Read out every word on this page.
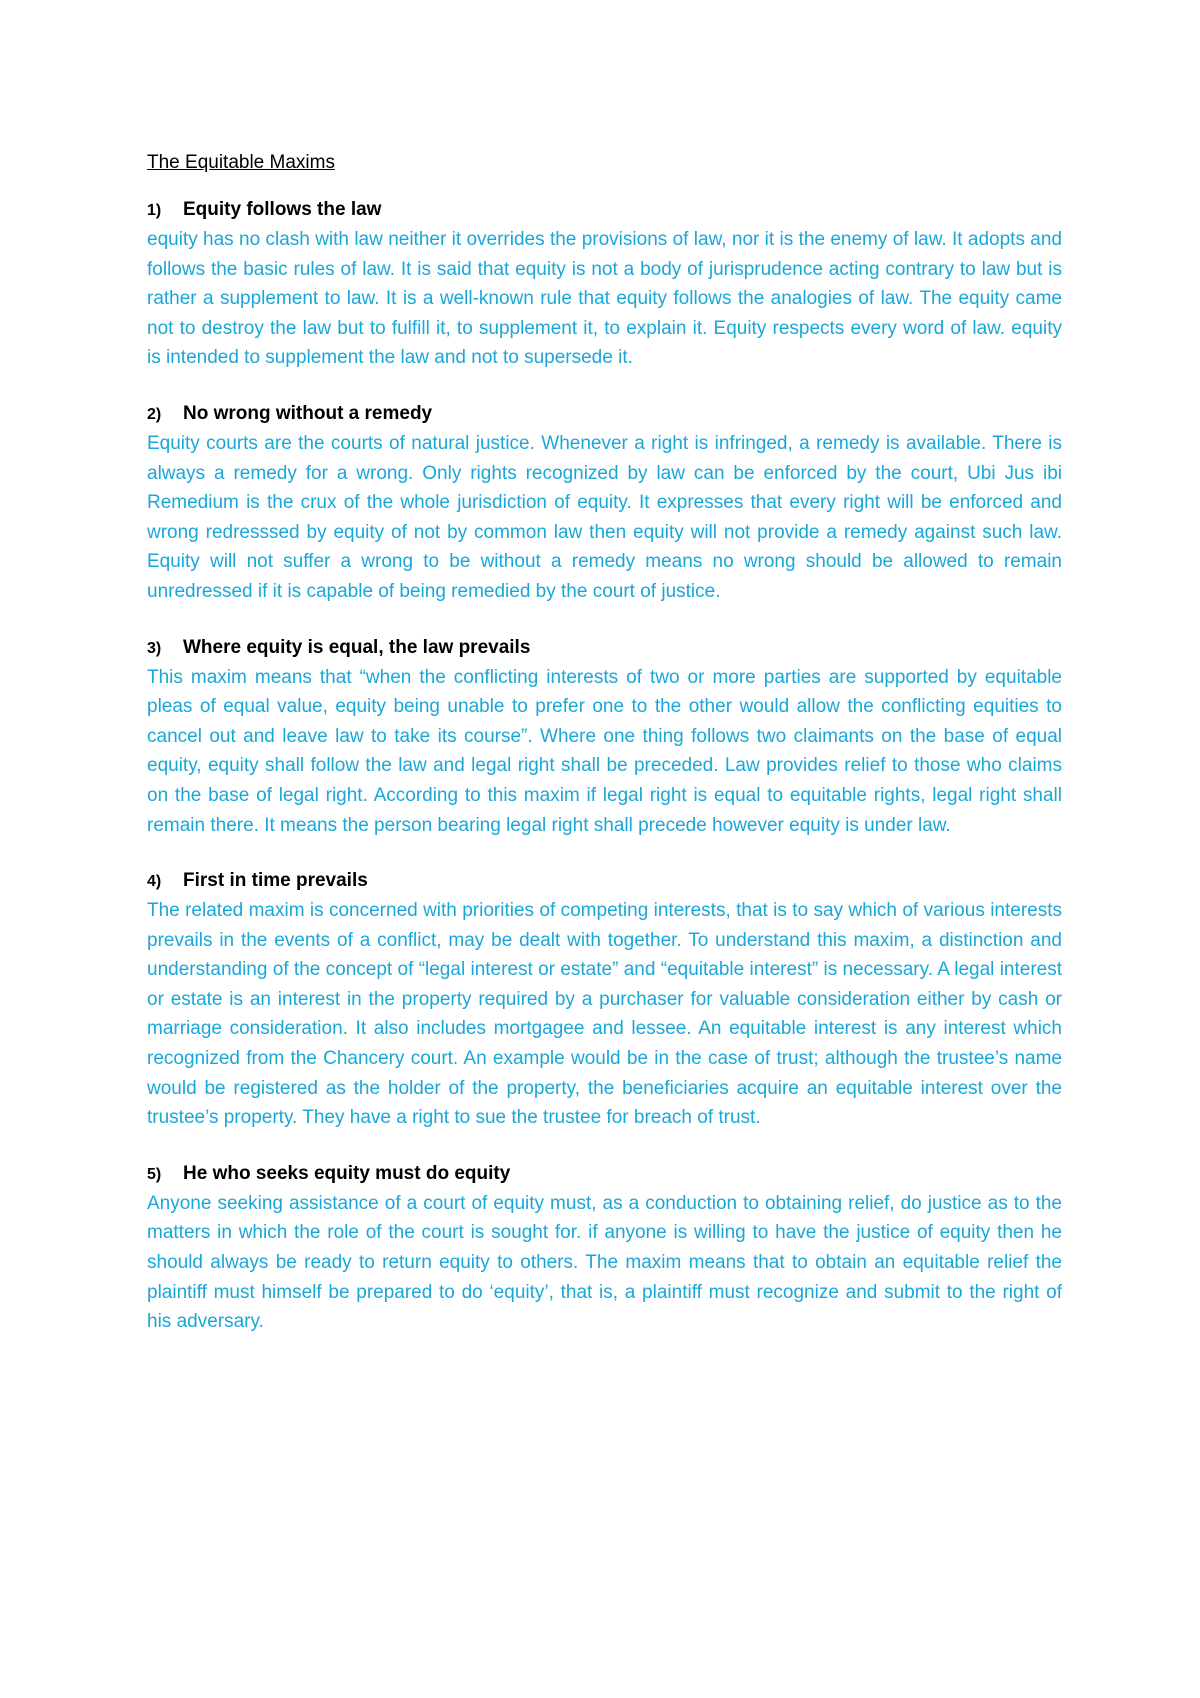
The Equitable Maxims
1)	Equity follows the law

equity has no clash with law neither it overrides the provisions of law, nor it is the enemy of law. It adopts and follows the basic rules of law. It is said that equity is not a body of jurisprudence acting contrary to law but is rather a supplement to law. It is a well-known rule that equity follows the analogies of law. The equity came not to destroy the law but to fulfill it, to supplement it, to explain it. Equity respects every word of law. equity is intended to supplement the law and not to supersede it.

2)	No wrong without a remedy

Equity courts are the courts of natural justice. Whenever a right is infringed, a remedy is available. There is always a remedy for a wrong. Only rights recognized by law can be enforced by the court, Ubi Jus ibi Remedium is the crux of the whole jurisdiction of equity. It expresses that every right will be enforced and wrong redresssed by equity of not by common law then equity will not provide a remedy against such law. Equity will not suffer a wrong to be without a remedy means no wrong should be allowed to remain unredressed if it is capable of being remedied by the court of justice.

3)	Where equity is equal, the law prevails

This maxim means that “when the conflicting interests of two or more parties are supported by equitable pleas of equal value, equity being unable to prefer one to the other would allow the conflicting equities to cancel out and leave law to take its course”. Where one thing follows two claimants on the base of equal equity, equity shall follow the law and legal right shall be preceded. Law provides relief to those who claims on the base of legal right. According to this maxim if legal right is equal to equitable rights, legal right shall remain there. It means the person bearing legal right shall precede however equity is under law.

4)	First in time prevails

The related maxim is concerned with priorities of competing interests, that is to say which of various interests prevails in the events of a conflict, may be dealt with together. To understand this maxim, a distinction and understanding of the concept of “legal interest or estate” and “equitable interest” is necessary. A legal interest or estate is an interest in the property required by a purchaser for valuable consideration either by cash or marriage consideration. It also includes mortgagee and lessee. An equitable interest is any interest which recognized from the Chancery court. An example would be in the case of trust; although the trustee’s name would be registered as the holder of the property, the beneficiaries acquire an equitable interest over the trustee’s property. They have a right to sue the trustee for breach of trust.

5)	He who seeks equity must do equity

Anyone seeking assistance of a court of equity must, as a conduction to obtaining relief, do justice as to the matters in which the role of the court is sought for. if anyone is willing to have the justice of equity then he should always be ready to return equity to others. The maxim means that to obtain an equitable relief the plaintiff must himself be prepared to do ‘equity’, that is, a plaintiff must recognize and submit to the right of his adversary.
